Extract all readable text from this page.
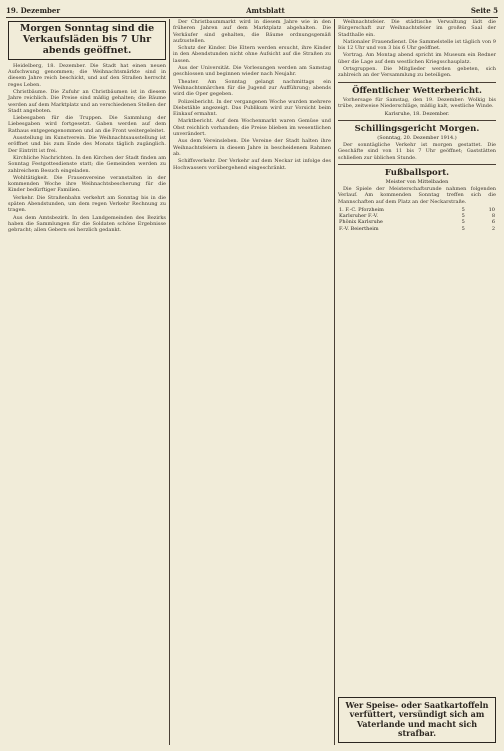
19. Dezember	Amtsblatt	Seite 5
Morgen Sonntag sind die Verkaufsläden bis 7 Uhr abends geöffnet.

Heidelberg, 18. Dezember. Die Stadt hat einen neuen Aufschwung genommen; die Weihnachtsmärkte sind in diesem Jahre reich beschickt, und auf den Straßen herrscht reges Leben.

Christbäume. Die Zufuhr an Christbäumen ist in diesem Jahre reichlich. Die Preise sind mäßig gehalten; die Bäume werden auf dem Marktplatz und an verschiedenen Stellen der Stadt angeboten.

Liebesgaben für die Truppen. Die Sammlung der Liebesgaben wird fortgesetzt. Gaben werden auf dem Rathaus entgegengenommen und an die Front weitergeleitet.

Ausstellung im Kunstverein. Die Weihnachtsausstellung ist eröffnet und bis zum Ende des Monats täglich zugänglich. Der Eintritt ist frei.

Kirchliche Nachrichten. In den Kirchen der Stadt finden am Sonntag Festgottesdienste statt; die Gemeinden werden zu zahlreichem Besuch eingeladen.

Wohltätigkeit. Die Frauenvereine veranstalten in der kommenden Woche ihre Weihnachtsbescherung für die Kinder bedürftiger Familien.

Verkehr. Die Straßenbahn verkehrt am Sonntag bis in die späten Abendstunden, um dem regen Verkehr Rechnung zu tragen.

Aus dem Amtsbezirk. In den Landgemeinden des Bezirks haben die Sammlungen für die Soldaten schöne Ergebnisse gebracht; allen Gebern sei herzlich gedankt.

Der Christbaummarkt wird in diesem Jahre wie in den früheren Jahren auf dem Marktplatz abgehalten. Die Verkäufer sind gehalten, die Bäume ordnungsgemäß aufzustellen.

Schutz der Kinder. Die Eltern werden ersucht, ihre Kinder in den Abendstunden nicht ohne Aufsicht auf die Straßen zu lassen.

Aus der Universität. Die Vorlesungen werden am Samstag geschlossen und beginnen wieder nach Neujahr.

Theater. Am Sonntag gelangt nachmittags ein Weihnachtsmärchen für die Jugend zur Aufführung; abends wird die Oper gegeben.

Polizeibericht. In der vergangenen Woche wurden mehrere Diebstähle angezeigt. Das Publikum wird zur Vorsicht beim Einkauf ermahnt.

Marktbericht. Auf dem Wochenmarkt waren Gemüse und Obst reichlich vorhanden; die Preise blieben im wesentlichen unverändert.

Aus dem Vereinsleben. Die Vereine der Stadt halten ihre Weihnachtsfeiern in diesem Jahre in bescheidenem Rahmen ab.

Schiffsverkehr. Der Verkehr auf dem Neckar ist infolge des Hochwassers vorübergehend eingeschränkt.

Weihnachtsfeier. Die städtische Verwaltung lädt die Bürgerschaft zur Weihnachtsfeier im großen Saal der Stadthalle ein.

Nationaler Frauendienst. Die Sammelstelle ist täglich von 9 bis 12 Uhr und von 3 bis 6 Uhr geöffnet.

Vortrag. Am Montag abend spricht im Museum ein Redner über die Lage auf dem westlichen Kriegsschauplatz.

Ortsgruppen. Die Mitglieder werden gebeten, sich zahlreich an der Versammlung zu beteiligen.

Öffentlicher Wetterbericht.

Vorhersage für Samstag, den 19. Dezember: Wolkig bis trübe, zeitweise Niederschläge, mäßig kalt, westliche Winde.

Karlsruhe, 18. Dezember.
Schillingsgericht Morgen.
(Sonntag, 20. Dezember 1914.)

Der sonntägliche Verkehr ist morgen gestattet. Die Geschäfte sind von 11 bis 7 Uhr geöffnet; Gaststätten schließen zur üblichen Stunde.

Fußballsport.
Meister von Mittelbaden

Die Spiele der Meisterschaftsrunde nahmen folgenden Verlauf. Am kommenden Sonntag treffen sich die Mannschaften auf dem Platz an der Neckarstraße.

1. F.-C. Pforzheim	5	10
Karlsruher F.-V.	5	8
Phönix Karlsruhe	5	6
F.-V. Beiertheim	5	2
Wer Speise- oder Saatkartoffeln verfüttert, versündigt sich am Vaterlande und macht sich strafbar.
